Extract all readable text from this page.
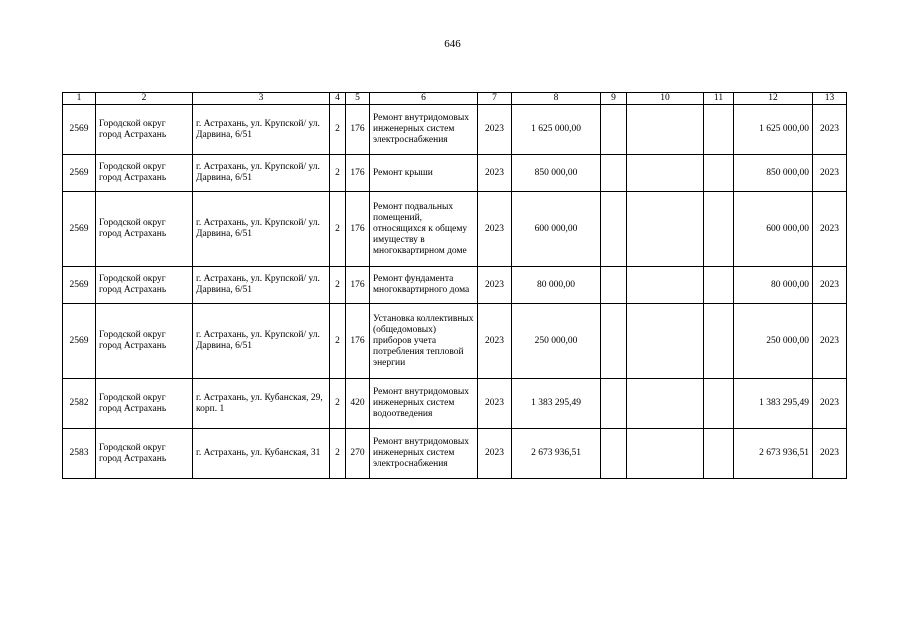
646
1	2	3	4	5	6	7	8	9	10	11	12	13
2569	Городской округ город Астрахань	г. Астрахань, ул. Крупской/ ул. Дарвина, 6/51	2	176	Ремонт внутридомовых инженерных систем электроснабжения	2023	1 625 000,00				1 625 000,00	2023
2569	Городской округ город Астрахань	г. Астрахань, ул. Крупской/ ул. Дарвина, 6/51	2	176	Ремонт крыши	2023	850 000,00				850 000,00	2023
2569	Городской округ город Астрахань	г. Астрахань, ул. Крупской/ ул. Дарвина, 6/51	2	176	Ремонт подвальных помещений, относящихся к общему имуществу в многоквартирном доме	2023	600 000,00				600 000,00	2023
2569	Городской округ город Астрахань	г. Астрахань, ул. Крупской/ ул. Дарвина, 6/51	2	176	Ремонт фундамента многоквартирного дома	2023	80 000,00				80 000,00	2023
2569	Городской округ город Астрахань	г. Астрахань, ул. Крупской/ ул. Дарвина, 6/51	2	176	Установка коллективных (общедомовых) приборов учета потребления тепловой энергии	2023	250 000,00				250 000,00	2023
2582	Городской округ город Астрахань	г. Астрахань, ул. Кубанская, 29, корп. 1	2	420	Ремонт внутридомовых инженерных систем водоотведения	2023	1 383 295,49				1 383 295,49	2023
2583	Городской округ город Астрахань	г. Астрахань, ул. Кубанская, 31	2	270	Ремонт внутридомовых инженерных систем электроснабжения	2023	2 673 936,51				2 673 936,51	2023
